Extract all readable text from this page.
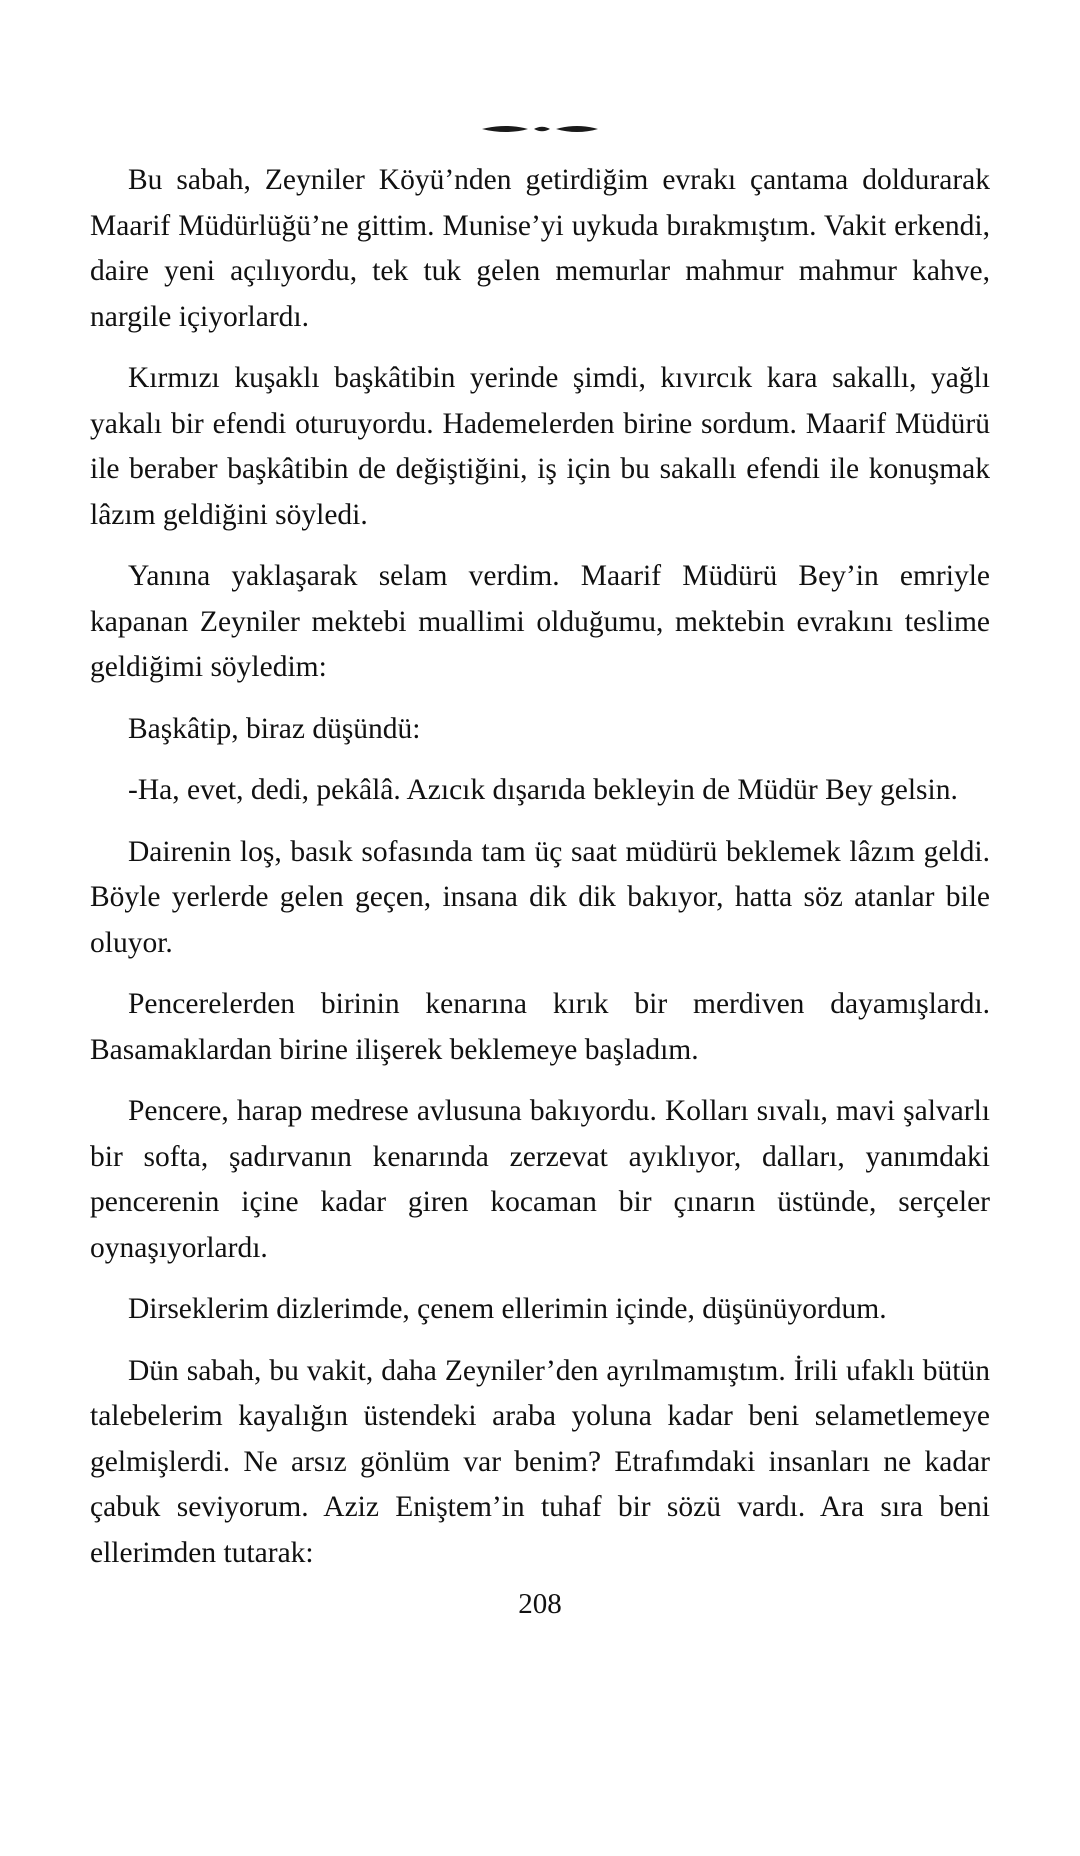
Bu sabah, Zeyniler Köyü’nden getirdiğim evrakı çantama doldurarak Maarif Müdürlüğü’ne gittim. Munise’yi uykuda bırakmıştım. Vakit erkendi, daire yeni açılıyordu, tek tuk gelen memurlar mahmur mahmur kahve, nargile içiyorlardı.

Kırmızı kuşaklı başkâtibin yerinde şimdi, kıvırcık kara sakallı, yağlı yakalı bir efendi oturuyordu. Hademelerden birine sordum. Maarif Müdürü ile beraber başkâtibin de değiştiğini, iş için bu sakallı efendi ile konuşmak lâzım geldiğini söyledi.

Yanına yaklaşarak selam verdim. Maarif Müdürü Bey’in emriyle kapanan Zeyniler mektebi muallimi olduğumu, mektebin evrakını teslime geldiğimi söyledim:

Başkâtip, biraz düşündü:

-Ha, evet, dedi, pekâlâ. Azıcık dışarıda bekleyin de Müdür Bey gelsin.

Dairenin loş, basık sofasında tam üç saat müdürü beklemek lâzım geldi. Böyle yerlerde gelen geçen, insana dik dik bakıyor, hatta söz atanlar bile oluyor.

Pencerelerden birinin kenarına kırık bir merdiven dayamışlardı. Basamaklardan birine ilişerek beklemeye başladım.

Pencere, harap medrese avlusuna bakıyordu. Kolları sıvalı, mavi şalvarlı bir softa, şadırvanın kenarında zerzevat ayıklıyor, dalları, yanımdaki pencerenin içine kadar giren kocaman bir çınarın üstünde, serçeler oynaşıyorlardı.

Dirseklerim dizlerimde, çenem ellerimin içinde, düşünüyordum.

Dün sabah, bu vakit, daha Zeyniler’den ayrılmamıştım. İrili ufaklı bütün talebelerim kayalığın üstendeki araba yoluna kadar beni selametlemeye gelmişlerdi. Ne arsız gönlüm var benim? Etrafımdaki insanları ne kadar çabuk seviyorum. Aziz Eniştem’in tuhaf bir sözü vardı. Ara sıra beni ellerimden tutarak:

208
